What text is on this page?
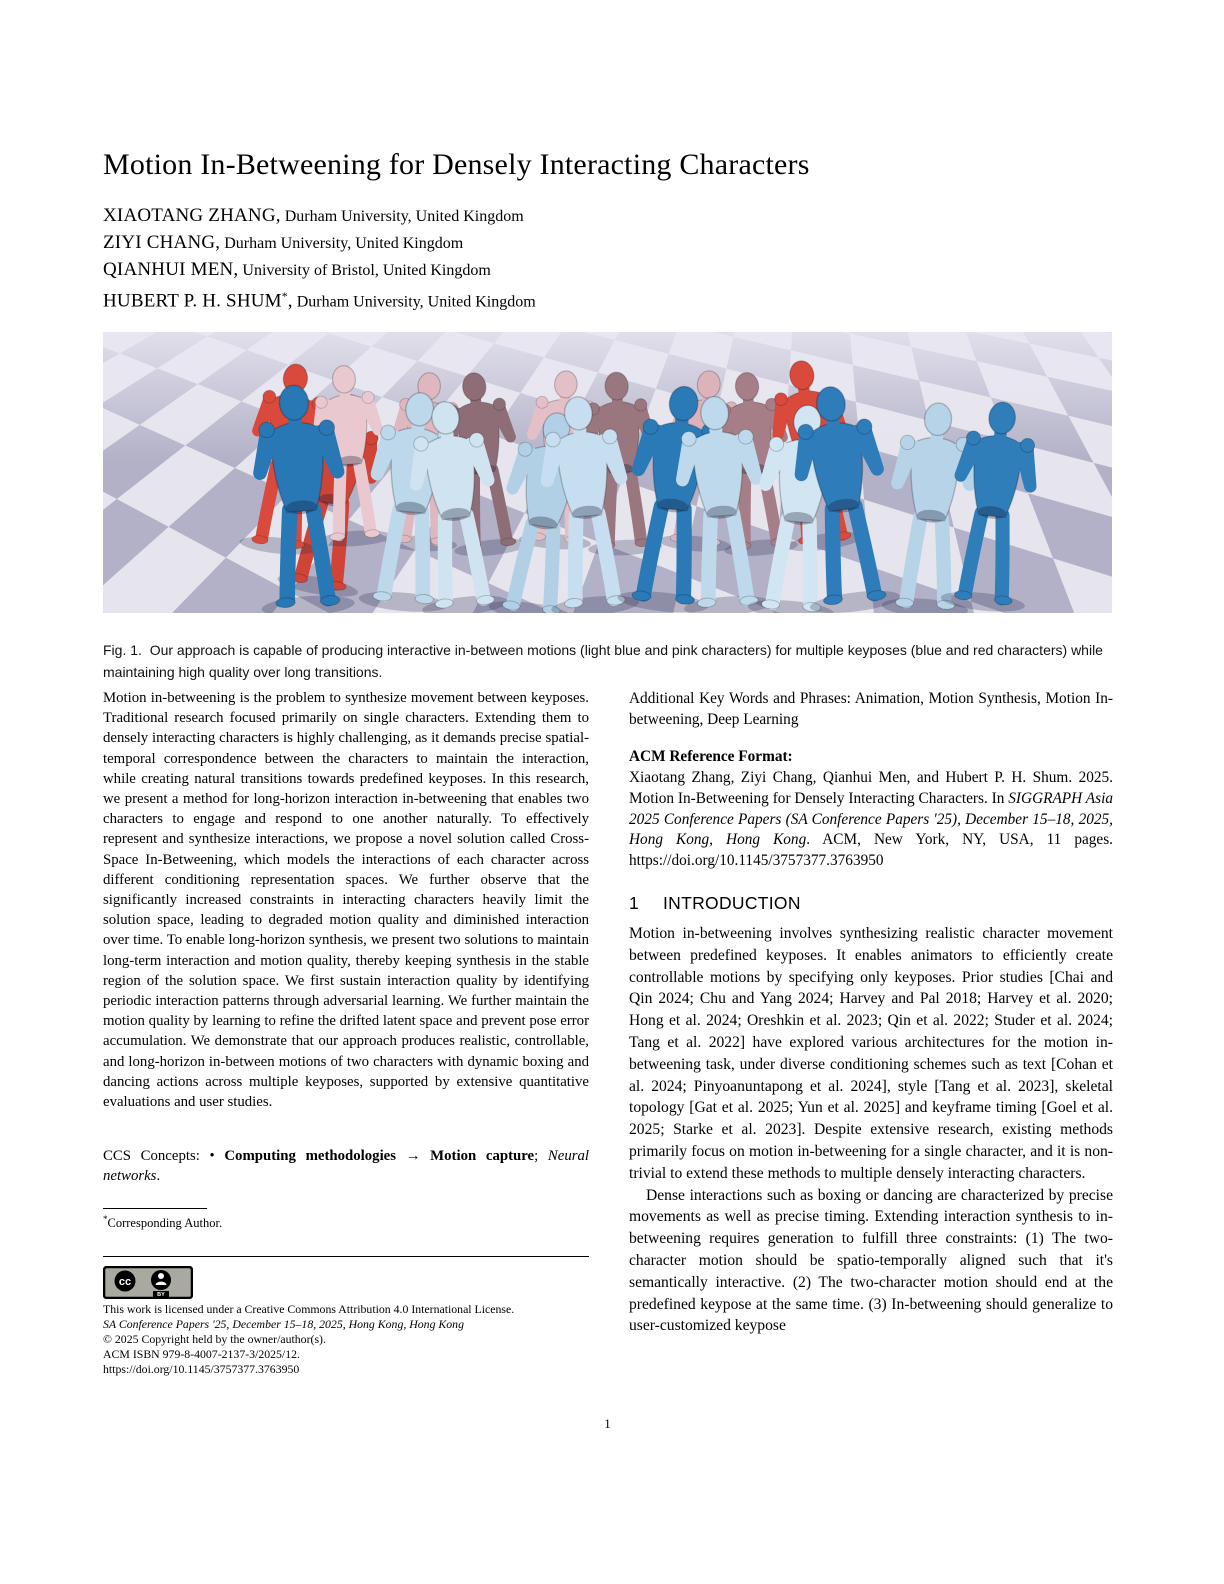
Motion In-Betweening for Densely Interacting Characters
XIAOTANG ZHANG, Durham University, United Kingdom
ZIYI CHANG, Durham University, United Kingdom
QIANHUI MEN, University of Bristol, United Kingdom
HUBERT P. H. SHUM*, Durham University, United Kingdom
Fig. 1. Our approach is capable of producing interactive in-between motions (light blue and pink characters) for multiple keyposes (blue and red characters) while maintaining high quality over long transitions.
Motion in-betweening is the problem to synthesize movement between keyposes. Traditional research focused primarily on single characters. Extending them to densely interacting characters is highly challenging, as it demands precise spatial-temporal correspondence between the characters to maintain the interaction, while creating natural transitions towards predefined keyposes. In this research, we present a method for long-horizon interaction in-betweening that enables two characters to engage and respond to one another naturally. To effectively represent and synthesize interactions, we propose a novel solution called Cross-Space In-Betweening, which models the interactions of each character across different conditioning representation spaces. We further observe that the significantly increased constraints in interacting characters heavily limit the solution space, leading to degraded motion quality and diminished interaction over time. To enable long-horizon synthesis, we present two solutions to maintain long-term interaction and motion quality, thereby keeping synthesis in the stable region of the solution space. We first sustain interaction quality by identifying periodic interaction patterns through adversarial learning. We further maintain the motion quality by learning to refine the drifted latent space and prevent pose error accumulation. We demonstrate that our approach produces realistic, controllable, and long-horizon in-between motions of two characters with dynamic boxing and dancing actions across multiple keyposes, supported by extensive quantitative evaluations and user studies.
CCS Concepts: • Computing methodologies → Motion capture; Neural networks.
*Corresponding Author.
cc
BY
This work is licensed under a Creative Commons Attribution 4.0 International License.
SA Conference Papers '25, December 15–18, 2025, Hong Kong, Hong Kong
© 2025 Copyright held by the owner/author(s).
ACM ISBN 979-8-4007-2137-3/2025/12.
https://doi.org/10.1145/3757377.3763950
Additional Key Words and Phrases: Animation, Motion Synthesis, Motion In-betweening, Deep Learning
ACM Reference Format:
Xiaotang Zhang, Ziyi Chang, Qianhui Men, and Hubert P. H. Shum. 2025. Motion In-Betweening for Densely Interacting Characters. In SIGGRAPH Asia 2025 Conference Papers (SA Conference Papers '25), December 15–18, 2025, Hong Kong, Hong Kong. ACM, New York, NY, USA, 11 pages. https://doi.org/10.1145/3757377.3763950
1 INTRODUCTION

Motion in-betweening involves synthesizing realistic character movement between predefined keyposes. It enables animators to efficiently create controllable motions by specifying only keyposes. Prior studies [Chai and Qin 2024; Chu and Yang 2024; Harvey and Pal 2018; Harvey et al. 2020; Hong et al. 2024; Oreshkin et al. 2023; Qin et al. 2022; Studer et al. 2024; Tang et al. 2022] have explored various architectures for the motion in-betweening task, under diverse conditioning schemes such as text [Cohan et al. 2024; Pinyoanuntapong et al. 2024], style [Tang et al. 2023], skeletal topology [Gat et al. 2025; Yun et al. 2025] and keyframe timing [Goel et al. 2025; Starke et al. 2023]. Despite extensive research, existing methods primarily focus on motion in-betweening for a single character, and it is non-trivial to extend these methods to multiple densely interacting characters.

Dense interactions such as boxing or dancing are characterized by precise movements as well as precise timing. Extending interaction synthesis to in-betweening requires generation to fulfill three constraints: (1) The two-character motion should be spatio-temporally aligned such that it's semantically interactive. (2) The two-character motion should end at the predefined keypose at the same time. (3) In-betweening should generalize to user-customized keypose

1
